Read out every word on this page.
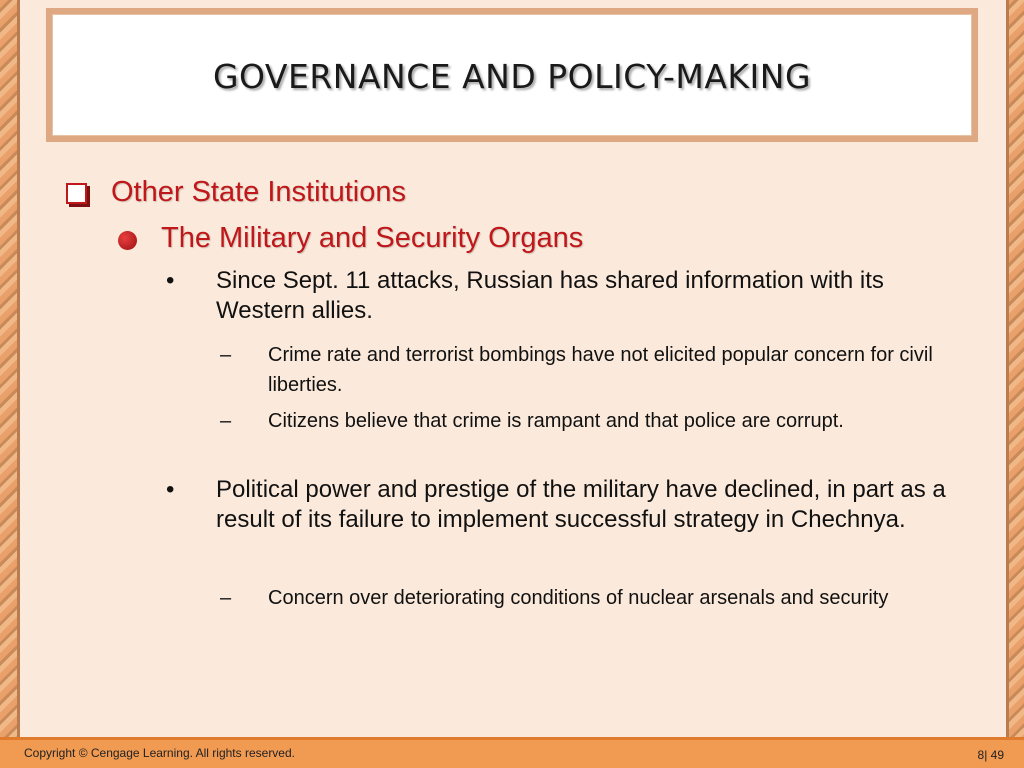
GOVERNANCE AND POLICY-MAKING
Other State Institutions
The Military and Security Organs
• Since Sept. 11 attacks, Russian has shared information with its Western allies.
– Crime rate and terrorist bombings have not elicited popular concern for civil liberties.
– Citizens believe that crime is rampant and that police are corrupt.
• Political power and prestige of the military have declined, in part as a result of its failure to implement successful strategy in Chechnya.
– Concern over deteriorating conditions of nuclear arsenals and security
Copyright © Cengage Learning. All rights reserved.	8| 49
